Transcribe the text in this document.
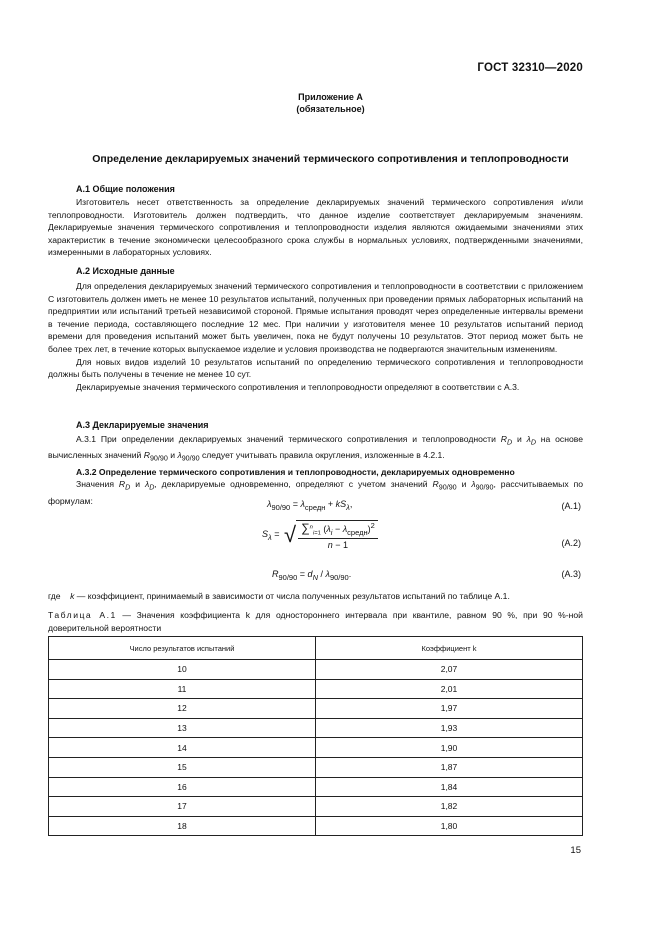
ГОСТ 32310—2020
Приложение А
(обязательное)
Определение декларируемых значений термического сопротивления и теплопроводности
А.1 Общие положения

Изготовитель несет ответственность за определение декларируемых значений термического сопротивления и/или теплопроводности. Изготовитель должен подтвердить, что данное изделие соответствует декларируемым значениям. Декларируемые значения термического сопротивления и теплопроводности изделия являются ожидаемыми значениями этих характеристик в течение экономически целесообразного срока службы в нормальных условиях, подтвержденными значениями, измеренными в лабораторных условиях.

А.2 Исходные данные

Для определения декларируемых значений термического сопротивления и теплопроводности в соответствии с приложением С изготовитель должен иметь не менее 10 результатов испытаний, полученных при проведении прямых лабораторных испытаний на предприятии или испытаний третьей независимой стороной. Прямые испытания проводят через определенные интервалы времени в течение периода, составляющего последние 12 мес. При наличии у изготовителя менее 10 результатов испытаний период времени для проведения испытаний может быть увеличен, пока не будут получены 10 результатов. Этот период может быть не более трех лет, в течение которых выпускаемое изделие и условия производства не подвергаются значительным изменениям.

Для новых видов изделий 10 результатов испытаний по определению термического сопротивления и теплопроводности должны быть получены в течение не менее 10 сут.

Декларируемые значения термического сопротивления и теплопроводности определяют в соответствии с А.3.

А.3 Декларируемые значения

А.3.1 При определении декларируемых значений термического сопротивления и теплопроводности $R_D$ и $\lambda_D$ на основе вычисленных значений $R_{90/90}$ и $\lambda_{90/90}$ следует учитывать правила округления, изложенные в 4.2.1.

А.3.2 Определение термического сопротивления и теплопроводности, декларируемых одновременно

Значения $R_D$ и $\lambda_D$, декларируемые одновременно, определяют с учетом значений $R_{90/90}$ и $\lambda_{90/90}$, рассчитываемых по формулам:	$\lambda_{90/90} = \lambda_{средн} + kS_\lambda$,	(А.1)
$S_\lambda$ = √ $\frac{\sum^n_{i=1} (\lambda_i - \lambda_{средн})^2}{n - 1}$	(А.2)
$R_{90/90} = d_N / \lambda_{90/90}$.	(А.3)

где k — коэффициент, принимаемый в зависимости от числа полученных результатов испытаний по таблице А.1.

Таблица А.1 — Значения коэффициента k для одностороннего интервала при квантиле, равном 90 %, при 90 %-ной доверительной вероятности
Число результатов испытаний	Коэффициент k
10	2,07
11	2,01
12	1,97
13	1,93
14	1,90
15	1,87
16	1,84
17	1,82
18	1,80
15
